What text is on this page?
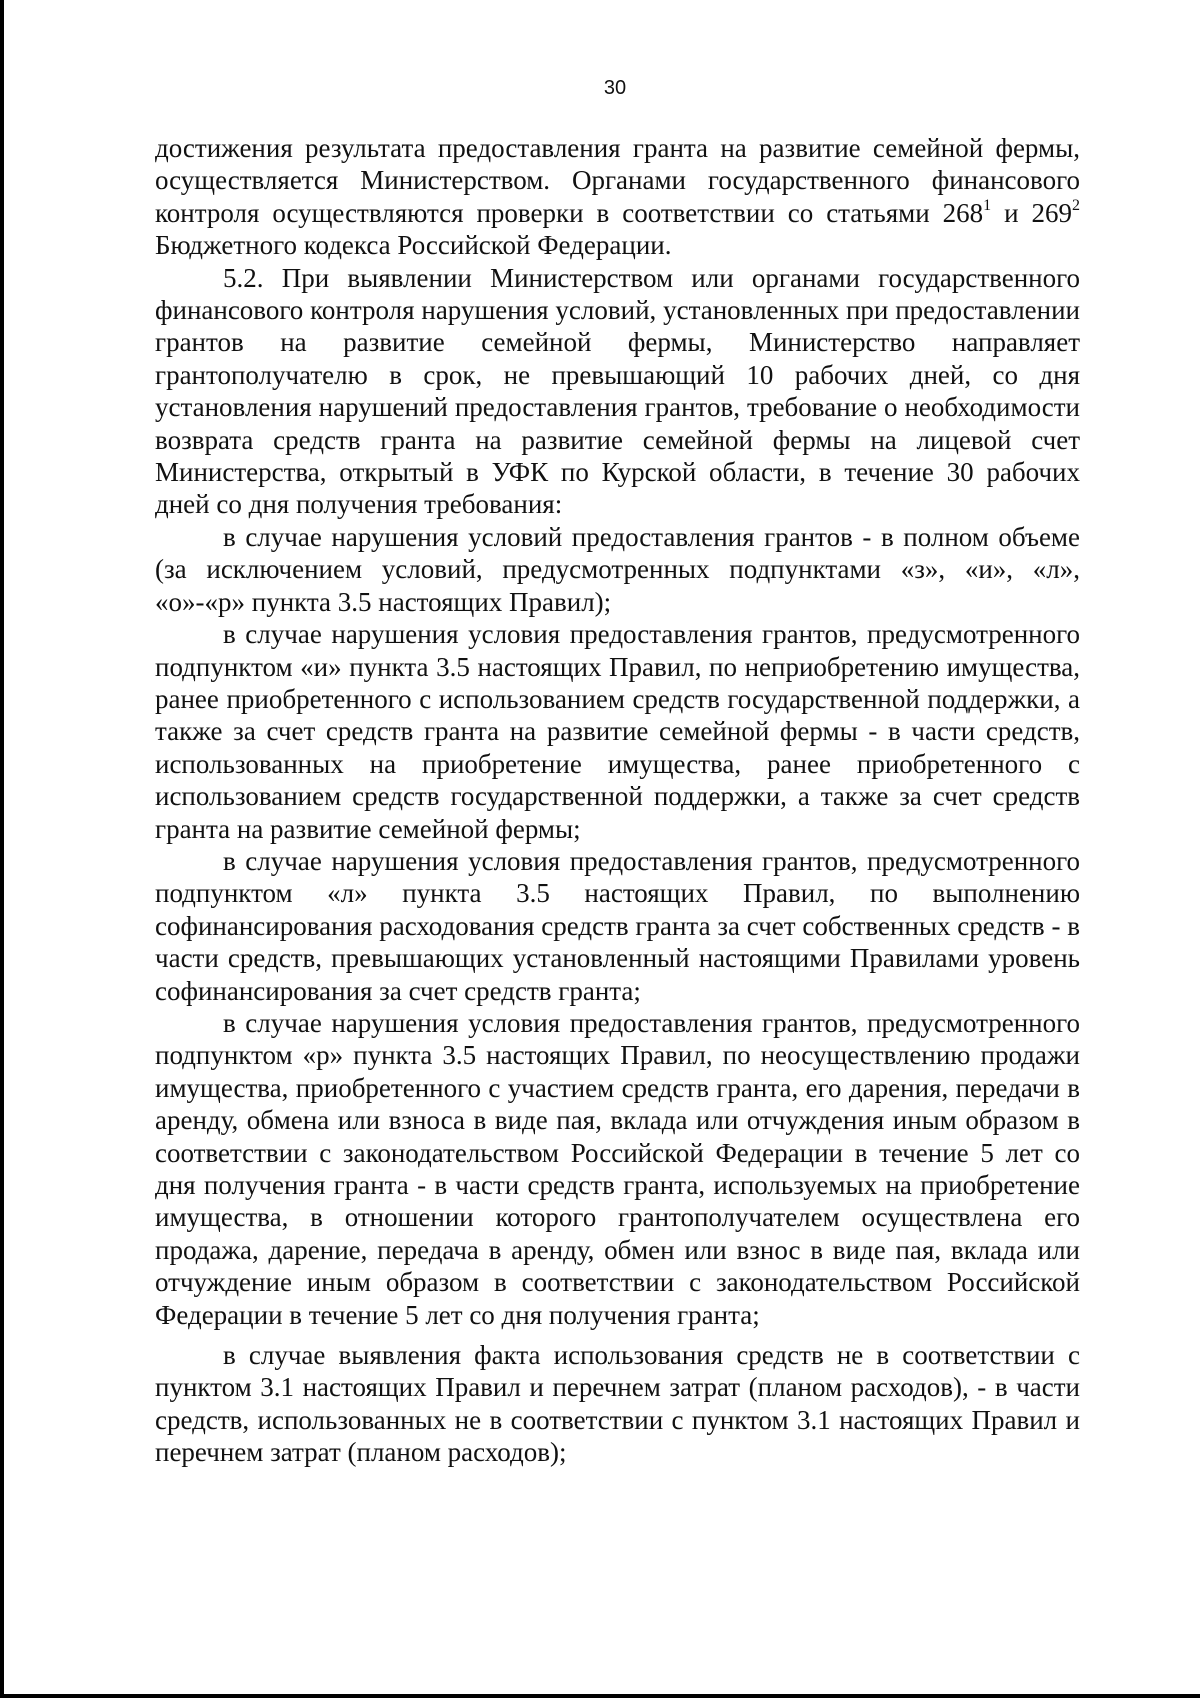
30

достижения результата предоставления гранта на развитие семейной фермы, осуществляется Министерством. Органами государственного финансового контроля осуществляются проверки в соответствии со статьями $268^1$ и $269^2$ Бюджетного кодекса Российской Федерации.

5.2. При выявлении Министерством или органами государственного финансового контроля нарушения условий, установленных при предоставлении грантов на развитие семейной фермы, Министерство направляет грантополучателю в срок, не превышающий 10 рабочих дней, со дня установления нарушений предоставления грантов, требование о необходимости возврата средств гранта на развитие семейной фермы на лицевой счет Министерства, открытый в УФК по Курской области, в течение 30 рабочих дней со дня получения требования:

в случае нарушения условий предоставления грантов - в полном объеме (за исключением условий, предусмотренных подпунктами «з», «и», «л», «о»-«р» пункта 3.5 настоящих Правил);

в случае нарушения условия предоставления грантов, предусмотренного подпунктом «и» пункта 3.5 настоящих Правил, по неприобретению имущества, ранее приобретенного с использованием средств государственной поддержки, а также за счет средств гранта на развитие семейной фермы - в части средств, использованных на приобретение имущества, ранее приобретенного с использованием средств государственной поддержки, а также за счет средств гранта на развитие семейной фермы;

в случае нарушения условия предоставления грантов, предусмотренного подпунктом «л» пункта 3.5 настоящих Правил, по выполнению софинансирования расходования средств гранта за счет собственных средств - в части средств, превышающих установленный настоящими Правилами уровень софинансирования за счет средств гранта;

в случае нарушения условия предоставления грантов, предусмотренного подпунктом «р» пункта 3.5 настоящих Правил, по неосуществлению продажи имущества, приобретенного с участием средств гранта, его дарения, передачи в аренду, обмена или взноса в виде пая, вклада или отчуждения иным образом в соответствии с законодательством Российской Федерации в течение 5 лет со дня получения гранта - в части средств гранта, используемых на приобретение имущества, в отношении которого грантополучателем осуществлена его продажа, дарение, передача в аренду, обмен или взнос в виде пая, вклада или отчуждение иным образом в соответствии с законодательством Российской Федерации в течение 5 лет со дня получения гранта;

в случае выявления факта использования средств не в соответствии с пунктом 3.1 настоящих Правил и перечнем затрат (планом расходов), - в части средств, использованных не в соответствии с пунктом 3.1 настоящих Правил и перечнем затрат (планом расходов);
